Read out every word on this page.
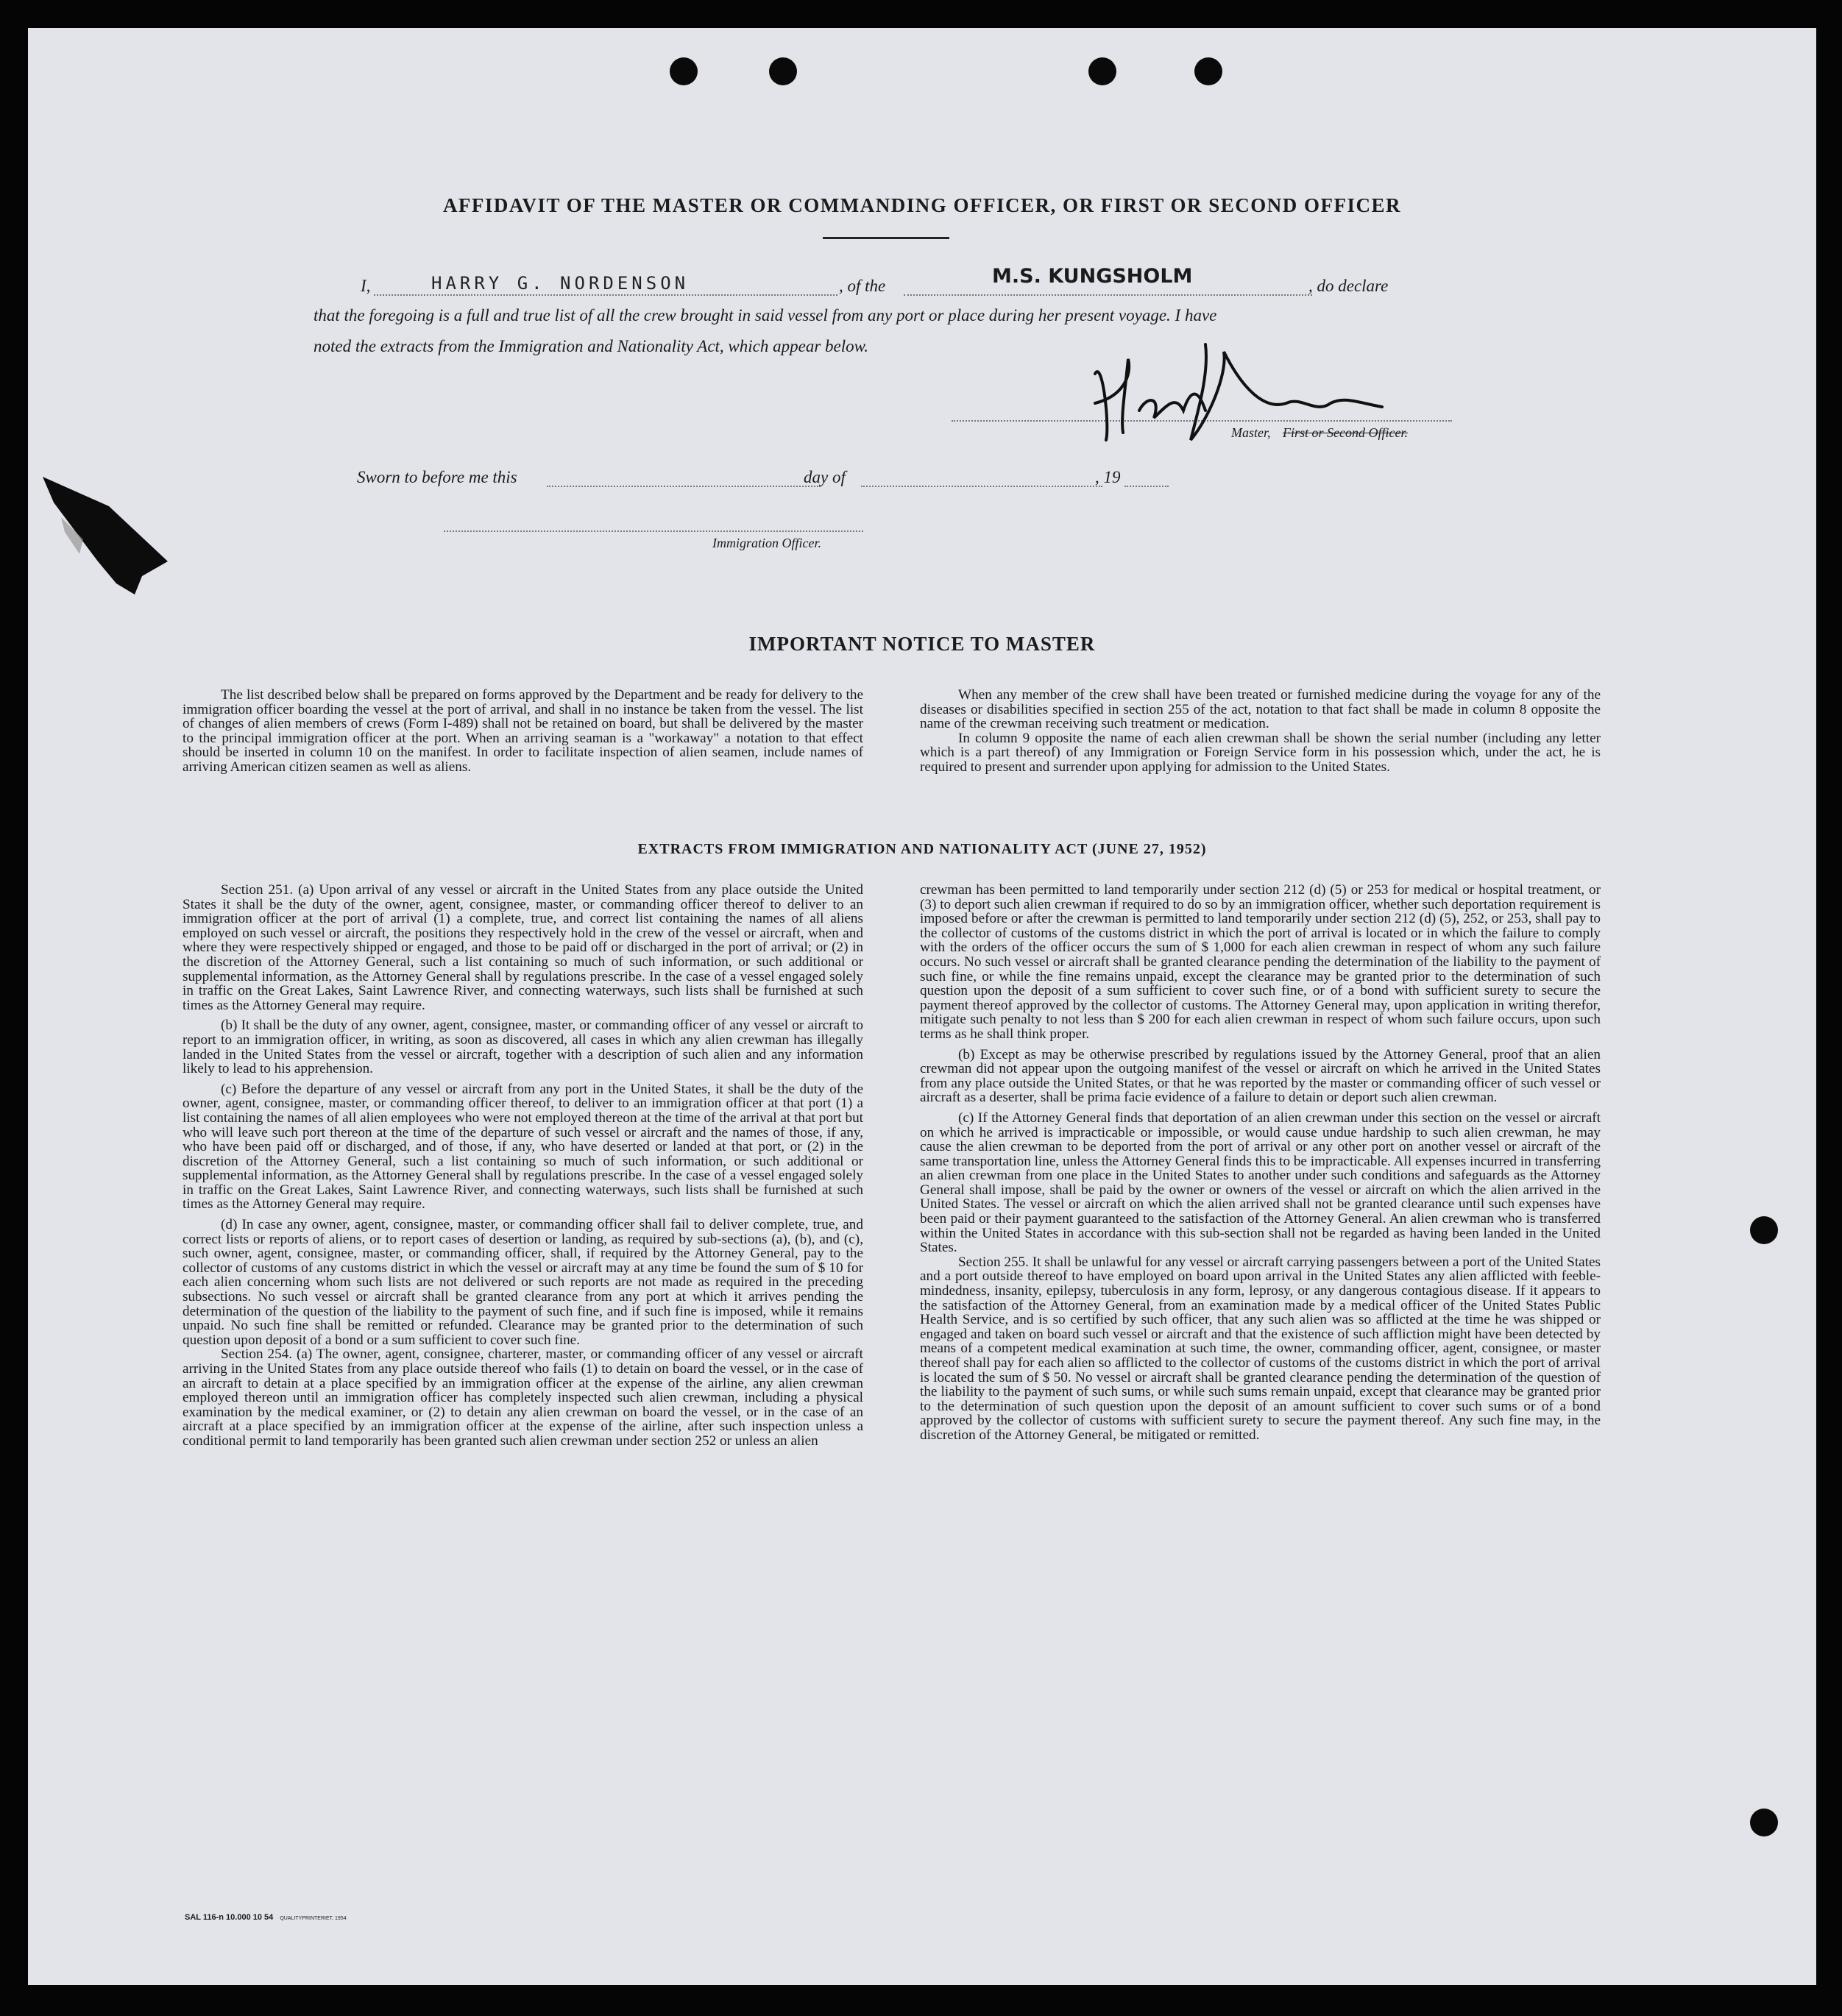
AFFIDAVIT OF THE MASTER OR COMMANDING OFFICER, OR FIRST OR SECOND OFFICER
I,	HARRY G. NORDENSON	, of the	M.S. KUNGSHOLM	, do declare
that the foregoing is a full and true list of all the crew brought in said vessel from any port or place during her present voyage. I have
noted the extracts from the Immigration and Nationality Act, which appear below.
Master, First or Second Officer.
Sworn to before me this	day of	, 19
Immigration Officer.
IMPORTANT NOTICE TO MASTER

The list described below shall be prepared on forms approved by the Department and be ready for delivery to the immigration officer boarding the vessel at the port of arrival, and shall in no instance be taken from the vessel. The list of changes of alien members of crews (Form I-489) shall not be retained on board, but shall be delivered by the master to the principal immigration officer at the port. When an arriving seaman is a "workaway" a notation to that effect should be inserted in column 10 on the manifest. In order to facilitate inspection of alien seamen, include names of arriving American citizen seamen as well as aliens.

When any member of the crew shall have been treated or furnished medicine during the voyage for any of the diseases or disabilities specified in section 255 of the act, notation to that fact shall be made in column 8 opposite the name of the crewman receiving such treatment or medication.

In column 9 opposite the name of each alien crewman shall be shown the serial number (including any letter which is a part thereof) of any Immigration or Foreign Service form in his possession which, under the act, he is required to present and surrender upon applying for admission to the United States.

EXTRACTS FROM IMMIGRATION AND NATIONALITY ACT (JUNE 27, 1952)

Section 251. (a) Upon arrival of any vessel or aircraft in the United States from any place outside the United States it shall be the duty of the owner, agent, consignee, master, or commanding officer thereof to deliver to an immigration officer at the port of arrival (1) a complete, true, and correct list containing the names of all aliens employed on such vessel or aircraft, the positions they respectively hold in the crew of the vessel or aircraft, when and where they were respectively shipped or engaged, and those to be paid off or discharged in the port of arrival; or (2) in the discretion of the Attorney General, such a list containing so much of such information, or such additional or supplemental information, as the Attorney General shall by regulations prescribe. In the case of a vessel engaged solely in traffic on the Great Lakes, Saint Lawrence River, and connecting waterways, such lists shall be furnished at such times as the Attorney General may require.

(b) It shall be the duty of any owner, agent, consignee, master, or commanding officer of any vessel or aircraft to report to an immigration officer, in writing, as soon as discovered, all cases in which any alien crewman has illegally landed in the United States from the vessel or aircraft, together with a description of such alien and any information likely to lead to his apprehension.

(c) Before the departure of any vessel or aircraft from any port in the United States, it shall be the duty of the owner, agent, consignee, master, or commanding officer thereof, to deliver to an immigration officer at that port (1) a list containing the names of all alien employees who were not employed thereon at the time of the arrival at that port but who will leave such port thereon at the time of the departure of such vessel or aircraft and the names of those, if any, who have been paid off or discharged, and of those, if any, who have deserted or landed at that port, or (2) in the discretion of the Attorney General, such a list containing so much of such information, or such additional or supplemental information, as the Attorney General shall by regulations prescribe. In the case of a vessel engaged solely in traffic on the Great Lakes, Saint Lawrence River, and connecting waterways, such lists shall be furnished at such times as the Attorney General may require.

(d) In case any owner, agent, consignee, master, or commanding officer shall fail to deliver complete, true, and correct lists or reports of aliens, or to report cases of desertion or landing, as required by sub-sections (a), (b), and (c), such owner, agent, consignee, master, or commanding officer, shall, if required by the Attorney General, pay to the collector of customs of any customs district in which the vessel or aircraft may at any time be found the sum of $ 10 for each alien concerning whom such lists are not delivered or such reports are not made as required in the preceding subsections. No such vessel or aircraft shall be granted clearance from any port at which it arrives pending the determination of the question of the liability to the payment of such fine, and if such fine is imposed, while it remains unpaid. No such fine shall be remitted or refunded. Clearance may be granted prior to the determination of such question upon deposit of a bond or a sum sufficient to cover such fine.

Section 254. (a) The owner, agent, consignee, charterer, master, or commanding officer of any vessel or aircraft arriving in the United States from any place outside thereof who fails (1) to detain on board the vessel, or in the case of an aircraft to detain at a place specified by an immigration officer at the expense of the airline, any alien crewman employed thereon until an immigration officer has completely inspected such alien crewman, including a physical examination by the medical examiner, or (2) to detain any alien crewman on board the vessel, or in the case of an aircraft at a place specified by an immigration officer at the expense of the airline, after such inspection unless a conditional permit to land temporarily has been granted such alien crewman under section 252 or unless an alien

crewman has been permitted to land temporarily under section 212 (d) (5) or 253 for medical or hospital treatment, or (3) to deport such alien crewman if required to do so by an immigration officer, whether such deportation requirement is imposed before or after the crewman is permitted to land temporarily under section 212 (d) (5), 252, or 253, shall pay to the collector of customs of the customs district in which the port of arrival is located or in which the failure to comply with the orders of the officer occurs the sum of $ 1,000 for each alien crewman in respect of whom any such failure occurs. No such vessel or aircraft shall be granted clearance pending the determination of the liability to the payment of such fine, or while the fine remains unpaid, except the clearance may be granted prior to the determination of such question upon the deposit of a sum sufficient to cover such fine, or of a bond with sufficient surety to secure the payment thereof approved by the collector of customs. The Attorney General may, upon application in writing therefor, mitigate such penalty to not less than $ 200 for each alien crewman in respect of whom such failure occurs, upon such terms as he shall think proper.

(b) Except as may be otherwise prescribed by regulations issued by the Attorney General, proof that an alien crewman did not appear upon the outgoing manifest of the vessel or aircraft on which he arrived in the United States from any place outside the United States, or that he was reported by the master or commanding officer of such vessel or aircraft as a deserter, shall be prima facie evidence of a failure to detain or deport such alien crewman.

(c) If the Attorney General finds that deportation of an alien crewman under this section on the vessel or aircraft on which he arrived is impracticable or impossible, or would cause undue hardship to such alien crewman, he may cause the alien crewman to be deported from the port of arrival or any other port on another vessel or aircraft of the same transportation line, unless the Attorney General finds this to be impracticable. All expenses incurred in transferring an alien crewman from one place in the United States to another under such conditions and safeguards as the Attorney General shall impose, shall be paid by the owner or owners of the vessel or aircraft on which the alien arrived in the United States. The vessel or aircraft on which the alien arrived shall not be granted clearance until such expenses have been paid or their payment guaranteed to the satisfaction of the Attorney General. An alien crewman who is transferred within the United States in accordance with this sub-section shall not be regarded as having been landed in the United States.

Section 255. It shall be unlawful for any vessel or aircraft carrying passengers between a port of the United States and a port outside thereof to have employed on board upon arrival in the United States any alien afflicted with feeble-mindedness, insanity, epilepsy, tuberculosis in any form, leprosy, or any dangerous contagious disease. If it appears to the satisfaction of the Attorney General, from an examination made by a medical officer of the United States Public Health Service, and is so certified by such officer, that any such alien was so afflicted at the time he was shipped or engaged and taken on board such vessel or aircraft and that the existence of such affliction might have been detected by means of a competent medical examination at such time, the owner, commanding officer, agent, consignee, or master thereof shall pay for each alien so afflicted to the collector of customs of the customs district in which the port of arrival is located the sum of $ 50. No vessel or aircraft shall be granted clearance pending the determination of the question of the liability to the payment of such sums, or while such sums remain unpaid, except that clearance may be granted prior to the determination of such question upon the deposit of an amount sufficient to cover such sums or of a bond approved by the collector of customs with sufficient surety to secure the payment thereof. Any such fine may, in the discretion of the Attorney General, be mitigated or remitted.

SAL 116-n 10.000 10 54 QUALITYPRINTERIET, 1954
